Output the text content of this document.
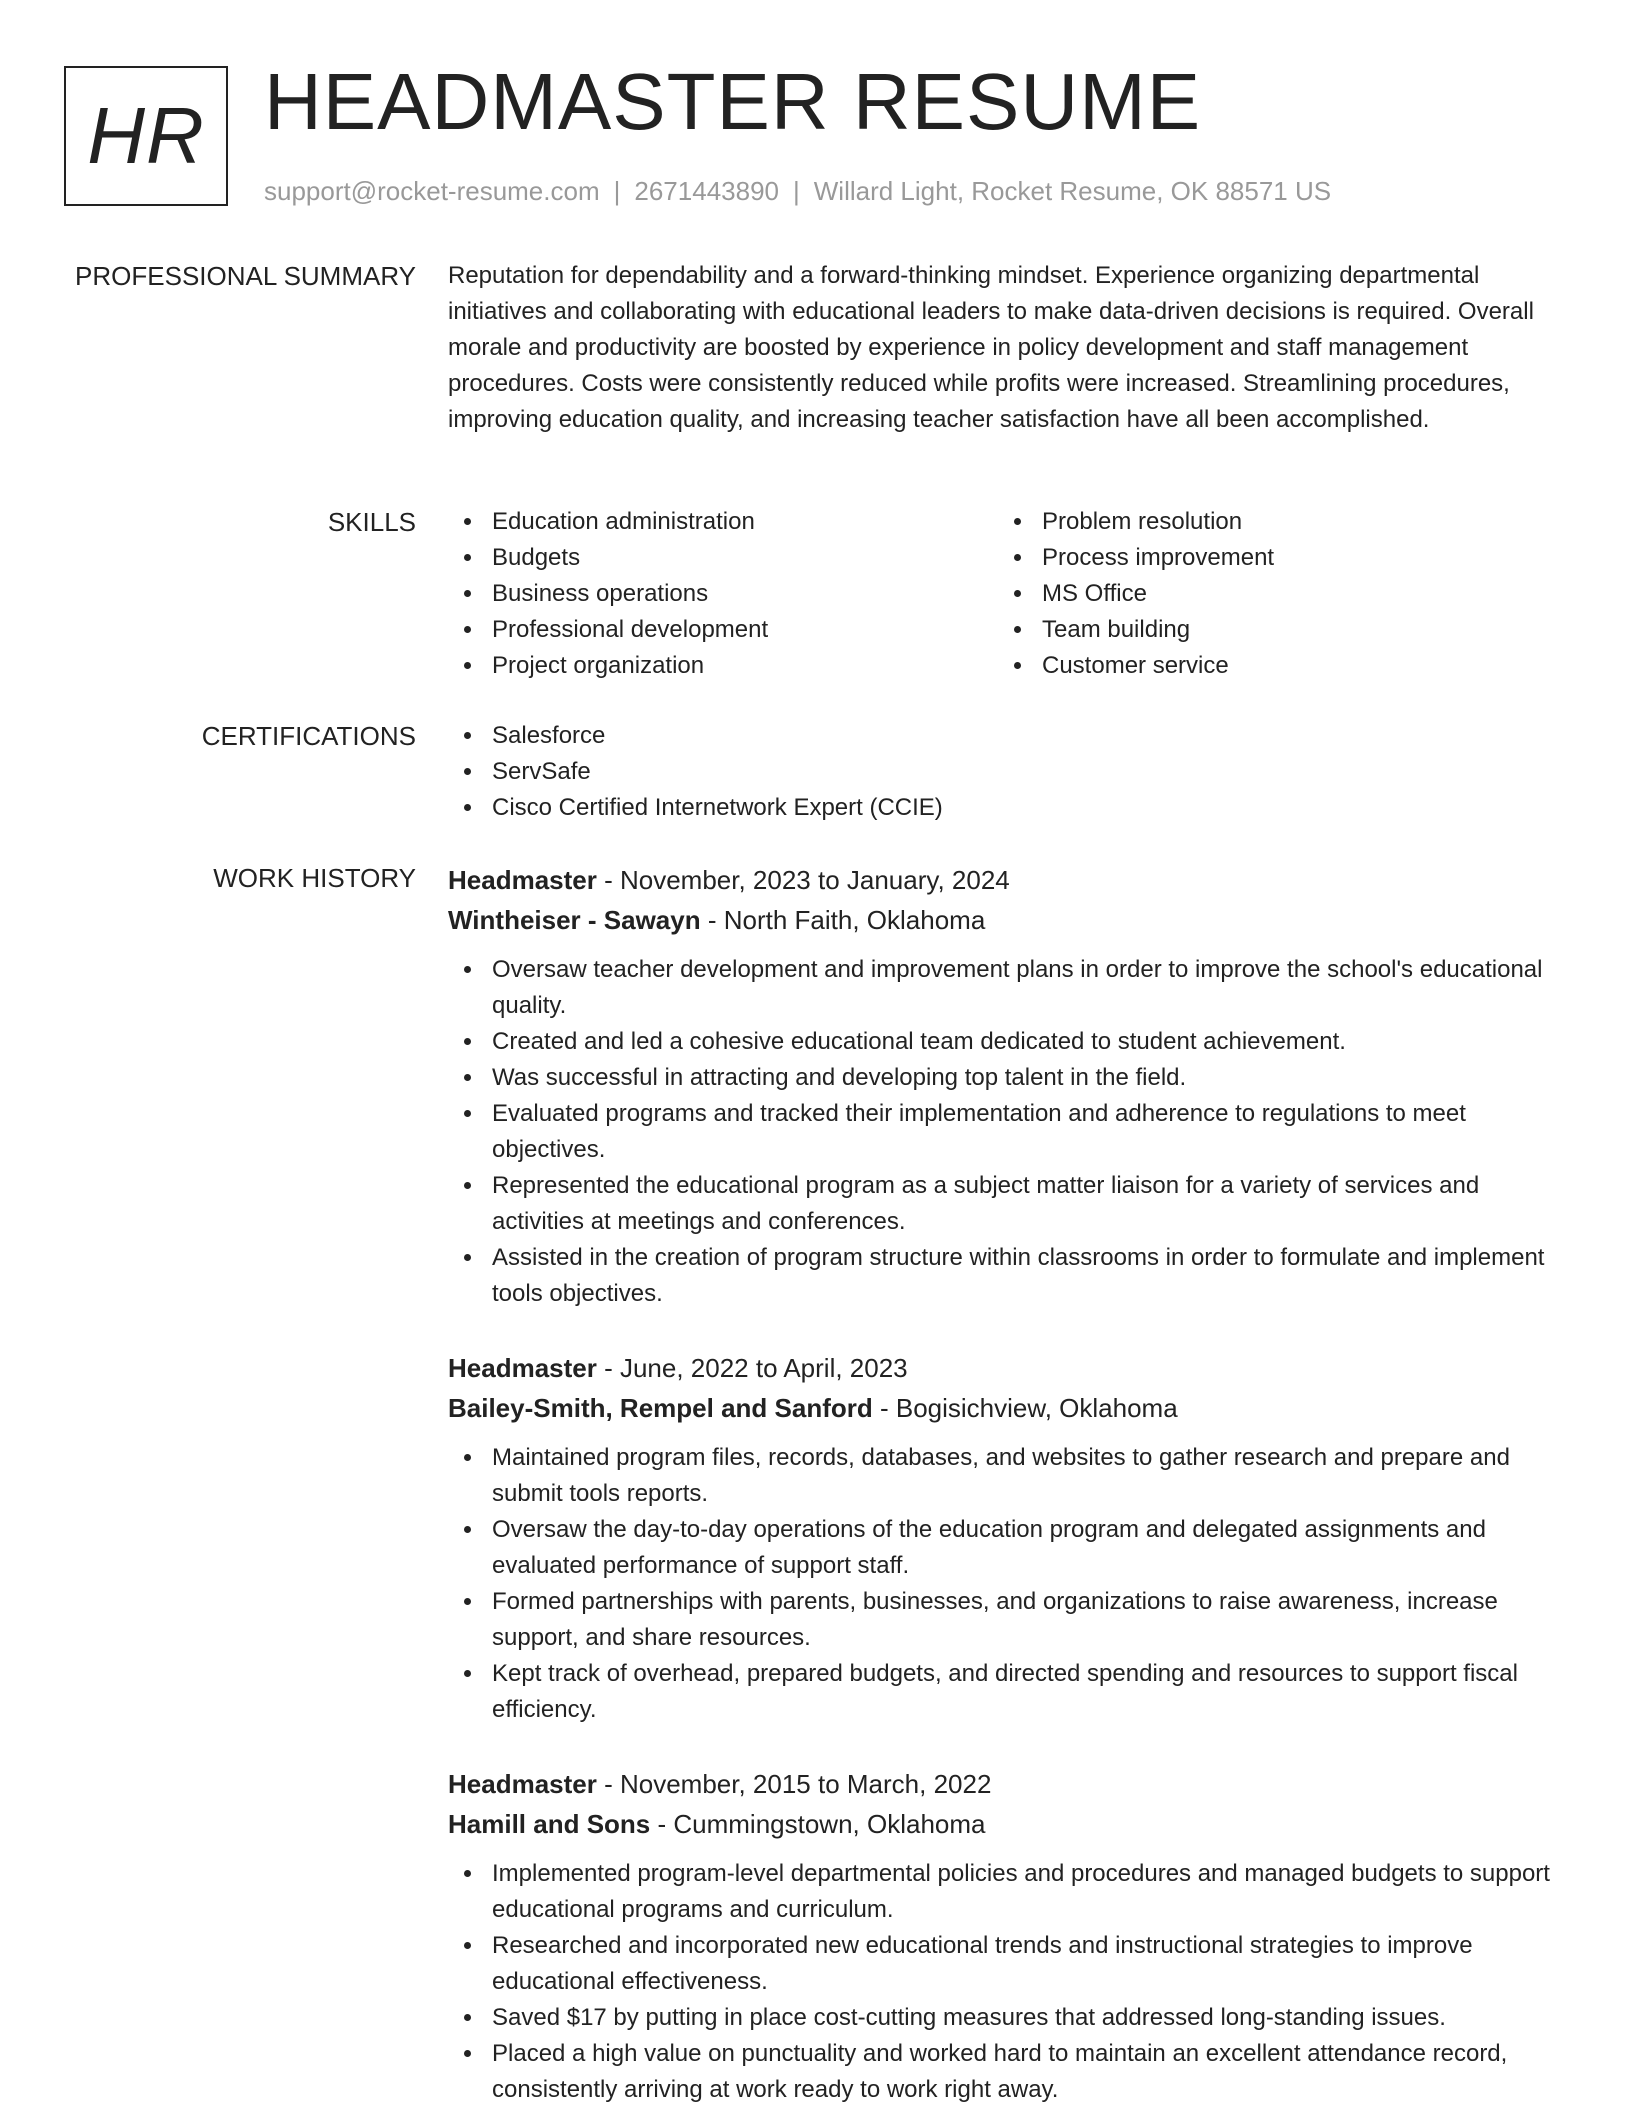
HR HEADMASTER RESUME
support@rocket-resume.com | 2671443890 | Willard Light, Rocket Resume, OK 88571 US
PROFESSIONAL SUMMARY Reputation for dependability and a forward-thinking mindset. Experience organizing departmental initiatives and collaborating with educational leaders to make data-driven decisions is required. Overall morale and productivity are boosted by experience in policy development and staff management procedures. Costs were consistently reduced while profits were increased. Streamlining procedures, improving education quality, and increasing teacher satisfaction have all been accomplished.

SKILLS	Education administration
Budgets
Business operations
Professional development
Project organization
Problem resolution
Process improvement
MS Office
Team building
Customer service
CERTIFICATIONS	Salesforce
ServSafe
Cisco Certified Internetwork Expert (CCIE)
WORK HISTORY Headmaster - November, 2023 to January, 2024
Wintheiser - Sawayn - North Faith, Oklahoma
Oversaw teacher development and improvement plans in order to improve the school's educational quality.
Created and led a cohesive educational team dedicated to student achievement.
Was successful in attracting and developing top talent in the field.
Evaluated programs and tracked their implementation and adherence to regulations to meet objectives.
Represented the educational program as a subject matter liaison for a variety of services and activities at meetings and conferences.
Assisted in the creation of program structure within classrooms in order to formulate and implement tools objectives.
Headmaster - June, 2022 to April, 2023
Bailey-Smith, Rempel and Sanford - Bogisichview, Oklahoma
Maintained program files, records, databases, and websites to gather research and prepare and submit tools reports.
Oversaw the day-to-day operations of the education program and delegated assignments and evaluated performance of support staff.
Formed partnerships with parents, businesses, and organizations to raise awareness, increase support, and share resources.
Kept track of overhead, prepared budgets, and directed spending and resources to support fiscal efficiency.
Headmaster - November, 2015 to March, 2022
Hamill and Sons - Cummingstown, Oklahoma
Implemented program-level departmental policies and procedures and managed budgets to support educational programs and curriculum.
Researched and incorporated new educational trends and instructional strategies to improve educational effectiveness.
Saved $17 by putting in place cost-cutting measures that addressed long-standing issues.
Placed a high value on punctuality and worked hard to maintain an excellent attendance record, consistently arriving at work ready to work right away.
